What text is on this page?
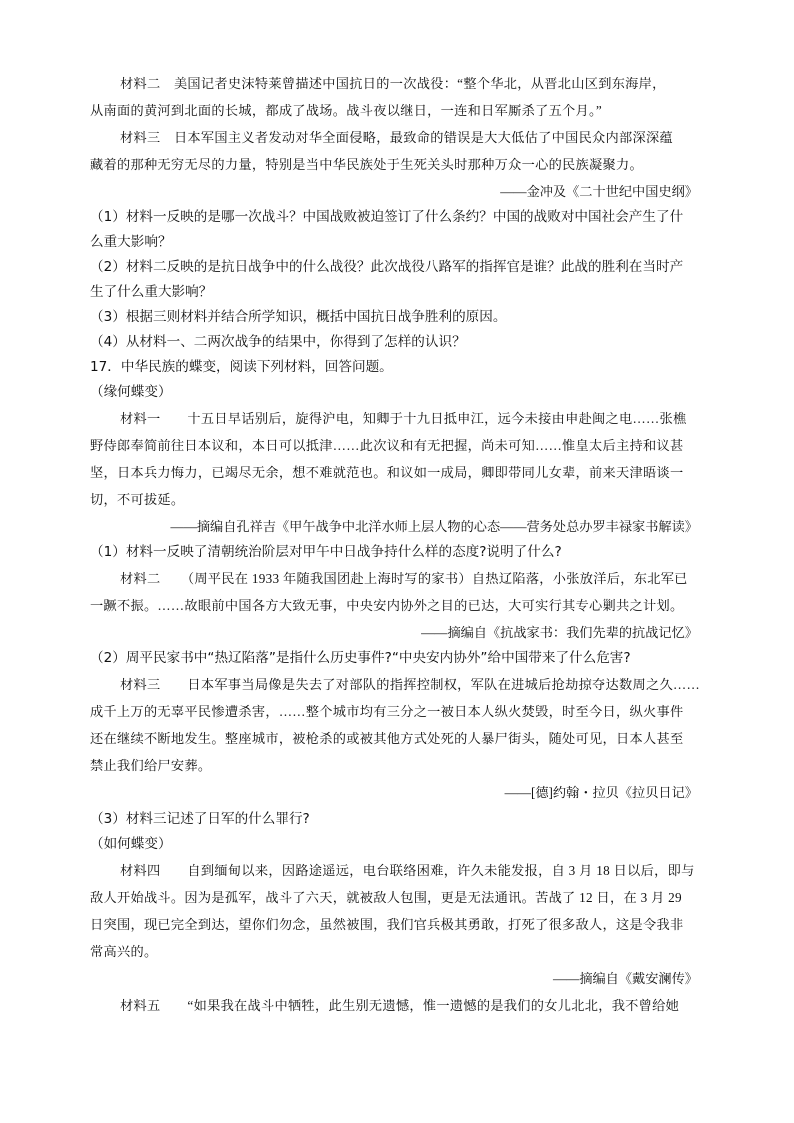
材料二　美国记者史沫特莱曾描述中国抗日的一次战役：“整个华北，从晋北山区到东海岸，
从南面的黄河到北面的长城，都成了战场。战斗夜以继日，一连和日军厮杀了五个月。”
材料三　日本军国主义者发动对华全面侵略，最致命的错误是大大低估了中国民众内部深深蕴
藏着的那种无穷无尽的力量，特别是当中华民族处于生死关头时那种万众一心的民族凝聚力。
——金冲及《二十世纪中国史纲》
（1）材料一反映的是哪一次战斗？中国战败被迫签订了什么条约？中国的战败对中国社会产生了什
么重大影响？
（2）材料二反映的是抗日战争中的什么战役？此次战役八路军的指挥官是谁？此战的胜利在当时产
生了什么重大影响？
（3）根据三则材料并结合所学知识，概括中国抗日战争胜利的原因。
（4）从材料一、二两次战争的结果中，你得到了怎样的认识？
17．中华民族的蝶变，阅读下列材料，回答问题。
（缘何蝶变）
材料一　　十五日早话别后，旋得沪电，知卿于十九日抵申江，远今未接由申赴闽之电……张樵
野侍郎奉简前往日本议和，本日可以抵津……此次议和有无把握，尚未可知……惟皇太后主持和议甚
坚，日本兵力悔力，已竭尽无余，想不难就范也。和议如一成局，卿即带同儿女辈，前来天津晤谈一
切，不可拔延。
——摘编自孔祥吉《甲午战争中北洋水师上层人物的心态——营务处总办罗丰禄家书解读》
（1）材料一反映了清朝统治阶层对甲午中日战争持什么样的态度?说明了什么?
材料二　　（周平民在 1933 年随我国团赴上海时写的家书）自热辽陷落，小张放洋后，东北军已
一蹶不振。……故眼前中国各方大致无事，中央安内协外之目的已达，大可实行其专心剿共之计划。
——摘编自《抗战家书：我们先辈的抗战记忆》
（2）周平民家书中“热辽陷落”是指什么历史事件?“中央安内协外”给中国带来了什么危害?
材料三　　日本军事当局像是失去了对部队的指挥控制权，军队在进城后抢劫掠夺达数周之久……
成千上万的无辜平民惨遭杀害，……整个城市均有三分之一被日本人纵火焚毁，时至今日，纵火事件
还在继续不断地发生。整座城市，被枪杀的或被其他方式处死的人暴尸街头，随处可见，日本人甚至
禁止我们给尸安葬。
——[德]约翰・拉贝《拉贝日记》
（3）材料三记述了日军的什么罪行?
（如何蝶变）
材料四　　自到缅甸以来，因路途遥远，电台联络困难，许久未能发报，自 3 月 18 日以后，即与
敌人开始战斗。因为是孤军，战斗了六天，就被敌人包围，更是无法通讯。苦战了 12 日，在 3 月 29
日突围，现已完全到达，望你们勿念，虽然被围，我们官兵极其勇敢，打死了很多敌人，这是令我非
常高兴的。
——摘编自《戴安澜传》
材料五　　“如果我在战斗中牺牲，此生别无遗憾，惟一遗憾的是我们的女儿北北，我不曾给她
